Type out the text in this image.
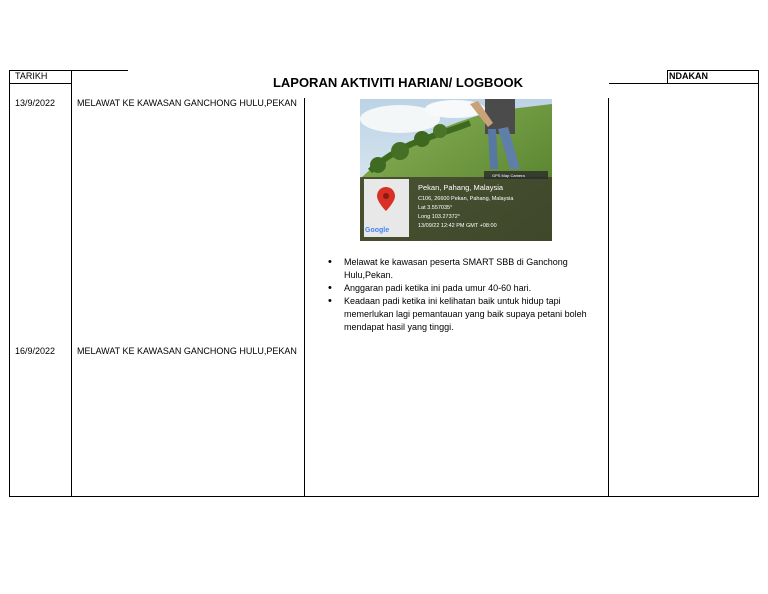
TARIKH	NDAKAN
LAPORAN AKTIVITI HARIAN/ LOGBOOK
13/9/2022 MELAWAT KE KAWASAN GANCHONG HULU,PEKAN
GPS Map Camera
Google
Pekan, Pahang, Malaysia
C106, 26600 Pekan, Pahang, Malaysia
Lat 3.557035°
Long 103.27372°
13/09/22 12:42 PM GMT +08:00
• Melawat ke kawasan peserta SMART SBB di Ganchong Hulu,Pekan.
• Anggaran padi ketika ini pada umur 40-60 hari.
• Keadaan padi ketika ini kelihatan baik untuk hidup tapi memerlukan lagi pemantauan yang baik supaya petani boleh mendapat hasil yang tinggi.
16/9/2022 MELAWAT KE KAWASAN GANCHONG HULU,PEKAN
